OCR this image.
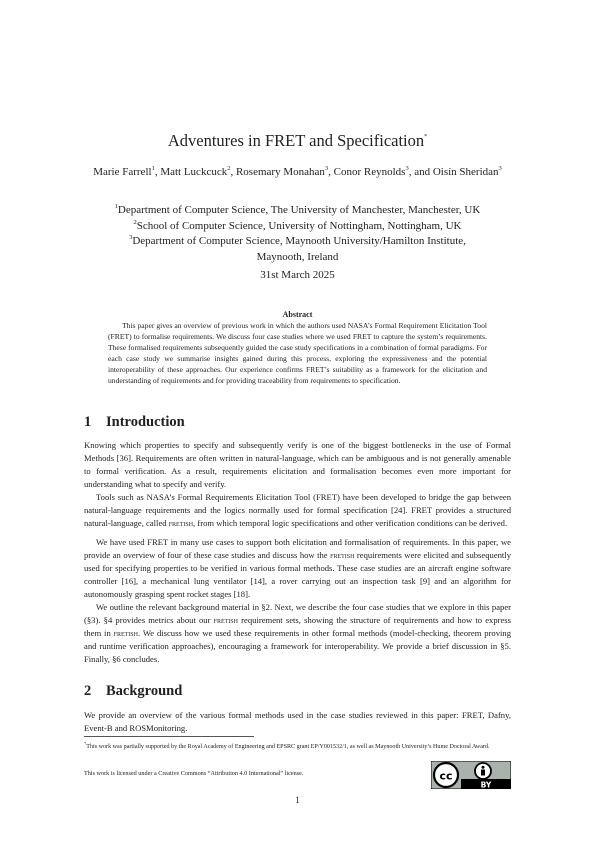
Adventures in FRET and Specification*
Marie Farrell$^1$, Matt Luckcuck$^2$, Rosemary Monahan$^3$, Conor Reynolds$^3$, and Oisín Sheridan$^3$
$^1$Department of Computer Science, The University of Manchester, Manchester, UK
$^2$School of Computer Science, University of Nottingham, Nottingham, UK
$^3$Department of Computer Science, Maynooth University/Hamilton Institute, Maynooth, Ireland
31st March 2025
Abstract
This paper gives an overview of previous work in which the authors used NASA’s Formal Requirement Elicitation Tool (FRET) to formalise requirements. We discuss four case studies where we used FRET to capture the system’s requirements. These formalised requirements subsequently guided the case study specifications in a combination of formal paradigms. For each case study we summarise insights gained during this process, exploring the expressiveness and the potential interoperability of these approaches. Our experience confirms FRET’s suitability as a framework for the elicitation and understanding of requirements and for providing traceability from requirements to specification.
1 Introduction
Knowing which properties to specify and subsequently verify is one of the biggest bottlenecks in the use of Formal Methods [36]. Requirements are often written in natural-language, which can be ambiguous and is not generally amenable to formal verification. As a result, requirements elicitation and formalisation becomes even more important for understanding what to specify and verify.
Tools such as NASA’s Formal Requirements Elicitation Tool (FRET) have been developed to bridge the gap between natural-language requirements and the logics normally used for formal specification [24]. FRET provides a structured natural-language, called fretish, from which temporal logic specifications and other verification conditions can be derived.
We have used FRET in many use cases to support both elicitation and formalisation of requirements. In this paper, we provide an overview of four of these case studies and discuss how the fretish requirements were elicited and subsequently used for specifying properties to be verified in various formal methods. These case studies are an aircraft engine software controller [16], a mechanical lung ventilator [14], a rover carrying out an inspection task [9] and an algorithm for autonomously grasping spent rocket stages [18].
We outline the relevant background material in §2. Next, we describe the four case studies that we explore in this paper (§3). §4 provides metrics about our fretish requirement sets, showing the structure of requirements and how to express them in fretish. We discuss how we used these requirements in other formal methods (model-checking, theorem proving and runtime verification approaches), encouraging a framework for interoperability. We provide a brief discussion in §5. Finally, §6 concludes.
2 Background
We provide an overview of the various formal methods used in the case studies reviewed in this paper: FRET, Dafny, Event-B and ROSMonitoring.
*This work was partially supported by the Royal Academy of Engineering and EPSRC grant EP/Y001532/1, as well as Maynooth University’s Hume Doctoral Award.
This work is licensed under a Creative Commons “Attribution 4.0 International” license.	cc
BY
1
